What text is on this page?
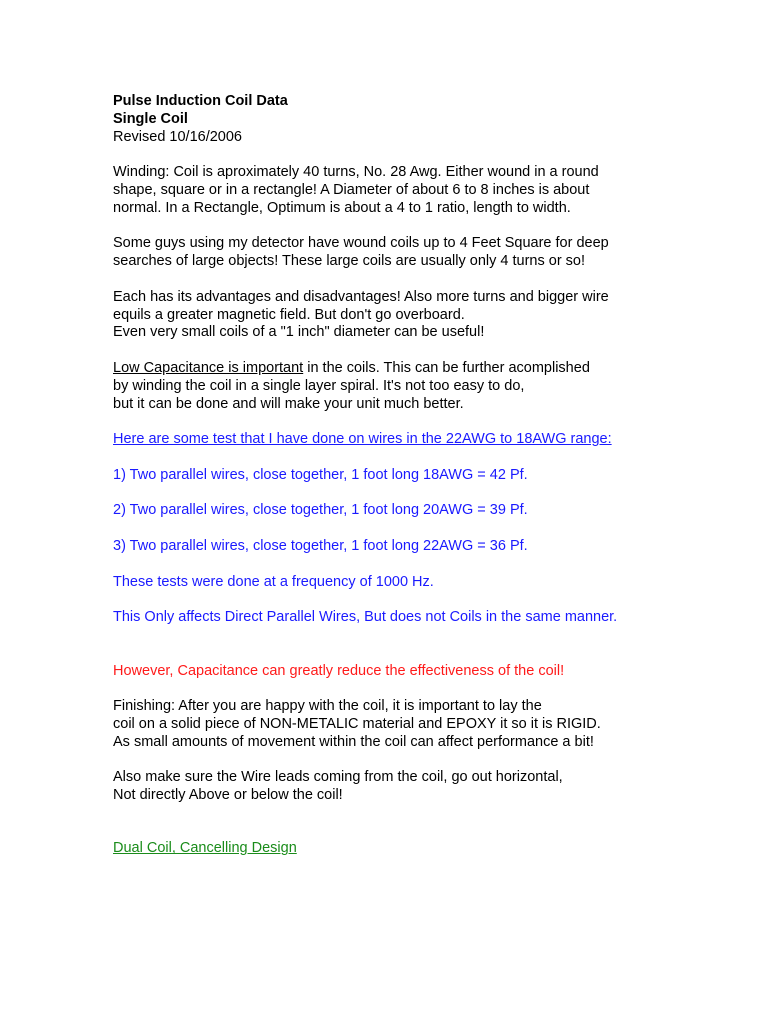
Pulse Induction Coil Data
Single Coil
Revised 10/16/2006
Winding: Coil is aproximately 40 turns, No. 28 Awg. Either wound in a round
shape, square or in a rectangle! A Diameter of about 6 to 8 inches is about
normal. In a Rectangle, Optimum is about a 4 to 1 ratio, length to width.
Some guys using my detector have wound coils up to 4 Feet Square for deep
searches of large objects! These large coils are usually only 4 turns or so!
Each has its advantages and disadvantages! Also more turns and bigger wire
equils a greater magnetic field. But don't go overboard.
Even very small coils of a "1 inch" diameter can be useful!
Low Capacitance is important in the coils. This can be further acomplished
by winding the coil in a single layer spiral. It's not too easy to do,
but it can be done and will make your unit much better.
Here are some test that I have done on wires in the 22AWG to 18AWG range:
1) Two parallel wires, close together, 1 foot long 18AWG = 42 Pf.
2) Two parallel wires, close together, 1 foot long 20AWG = 39 Pf.
3) Two parallel wires, close together, 1 foot long 22AWG = 36 Pf.
These tests were done at a frequency of 1000 Hz.
This Only affects Direct Parallel Wires, But does not Coils in the same manner.
However, Capacitance can greatly reduce the effectiveness of the coil!
Finishing: After you are happy with the coil, it is important to lay the
coil on a solid piece of NON-METALIC material and EPOXY it so it is RIGID.
As small amounts of movement within the coil can affect performance a bit!
Also make sure the Wire leads coming from the coil, go out horizontal,
Not directly Above or below the coil!
Dual Coil, Cancelling Design
